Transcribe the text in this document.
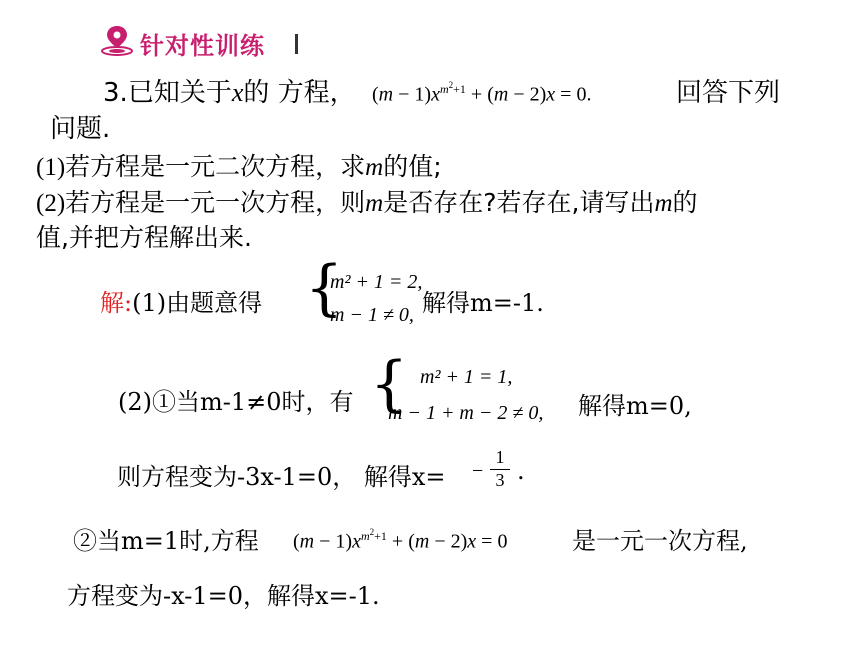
针对性训练
3.已知关于x的 方程， $(m - 1)x^{m^2+1} + (m - 2)x = 0$.	回答下列
问题.
(1)若方程是一元二次方程，求m的值;
(2)若方程是一元一次方程，则m是否存在?若存在,请写出m的
值,并把方程解出来.
解:(1)由题意得 {
m² + 1 = 2,
m − 1 ≠ 0, 解得m=-1.
(2)①当m-1≠0时，有 { m² + 1 = 1,
m − 1 + m − 2 ≠ 0, 解得m=0,
则方程变为-3x-1=0， 解得x= −
1
3 .
②当m=1时,方程 $(m - 1)x^{m^2+1} + (m - 2)x = 0$	是一元一次方程,
方程变为-x-1=0，解得x=-1.
